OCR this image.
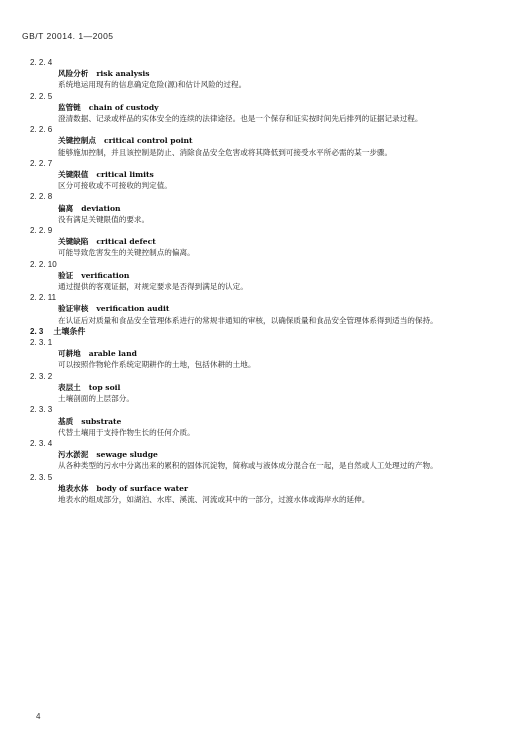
GB/T 20014. 1—2005
2. 2. 4
风险分析 risk analysis
系统地运用现有的信息确定危险(源)和估计风险的过程。
2. 2. 5
监管链 chain of custody
澄清数据、记录或样品的实体安全的连续的法律途径。也是一个保存和证实按时间先后排列的证据记录过程。
2. 2. 6
关键控制点 critical control point
能够施加控制，并且该控制是防止、消除食品安全危害或将其降低到可接受水平所必需的某一步骤。
2. 2. 7
关键限值 critical limits
区分可接收或不可接收的判定值。
2. 2. 8
偏离 deviation
没有满足关键限值的要求。
2. 2. 9
关键缺陷 critical defect
可能导致危害发生的关键控制点的偏离。
2. 2. 10
验证 verification
通过提供的客观证据，对规定要求是否得到满足的认定。
2. 2. 11
验证审核 verification audit
在认证后对质量和食品安全管理体系进行的常规非通知的审核，以确保质量和食品安全管理体系得到适当的保持。
2. 3 土壤条件
2. 3. 1
可耕地 arable land
可以按照作物轮作系统定期耕作的土地，包括休耕的土地。
2. 3. 2
表层土 top soil
土壤剖面的上层部分。
2. 3. 3
基质 substrate
代替土壤用于支持作物生长的任何介质。
2. 3. 4
污水淤泥 sewage sludge
从各种类型的污水中分离出来的累积的固体沉淀物，简称或与液体成分混合在一起，是自然或人工处理过的产物。
2. 3. 5
地表水体 body of surface water
地表水的组成部分，如湖泊、水库、溪流、河流或其中的一部分，过渡水体或海岸水的延伸。
4
